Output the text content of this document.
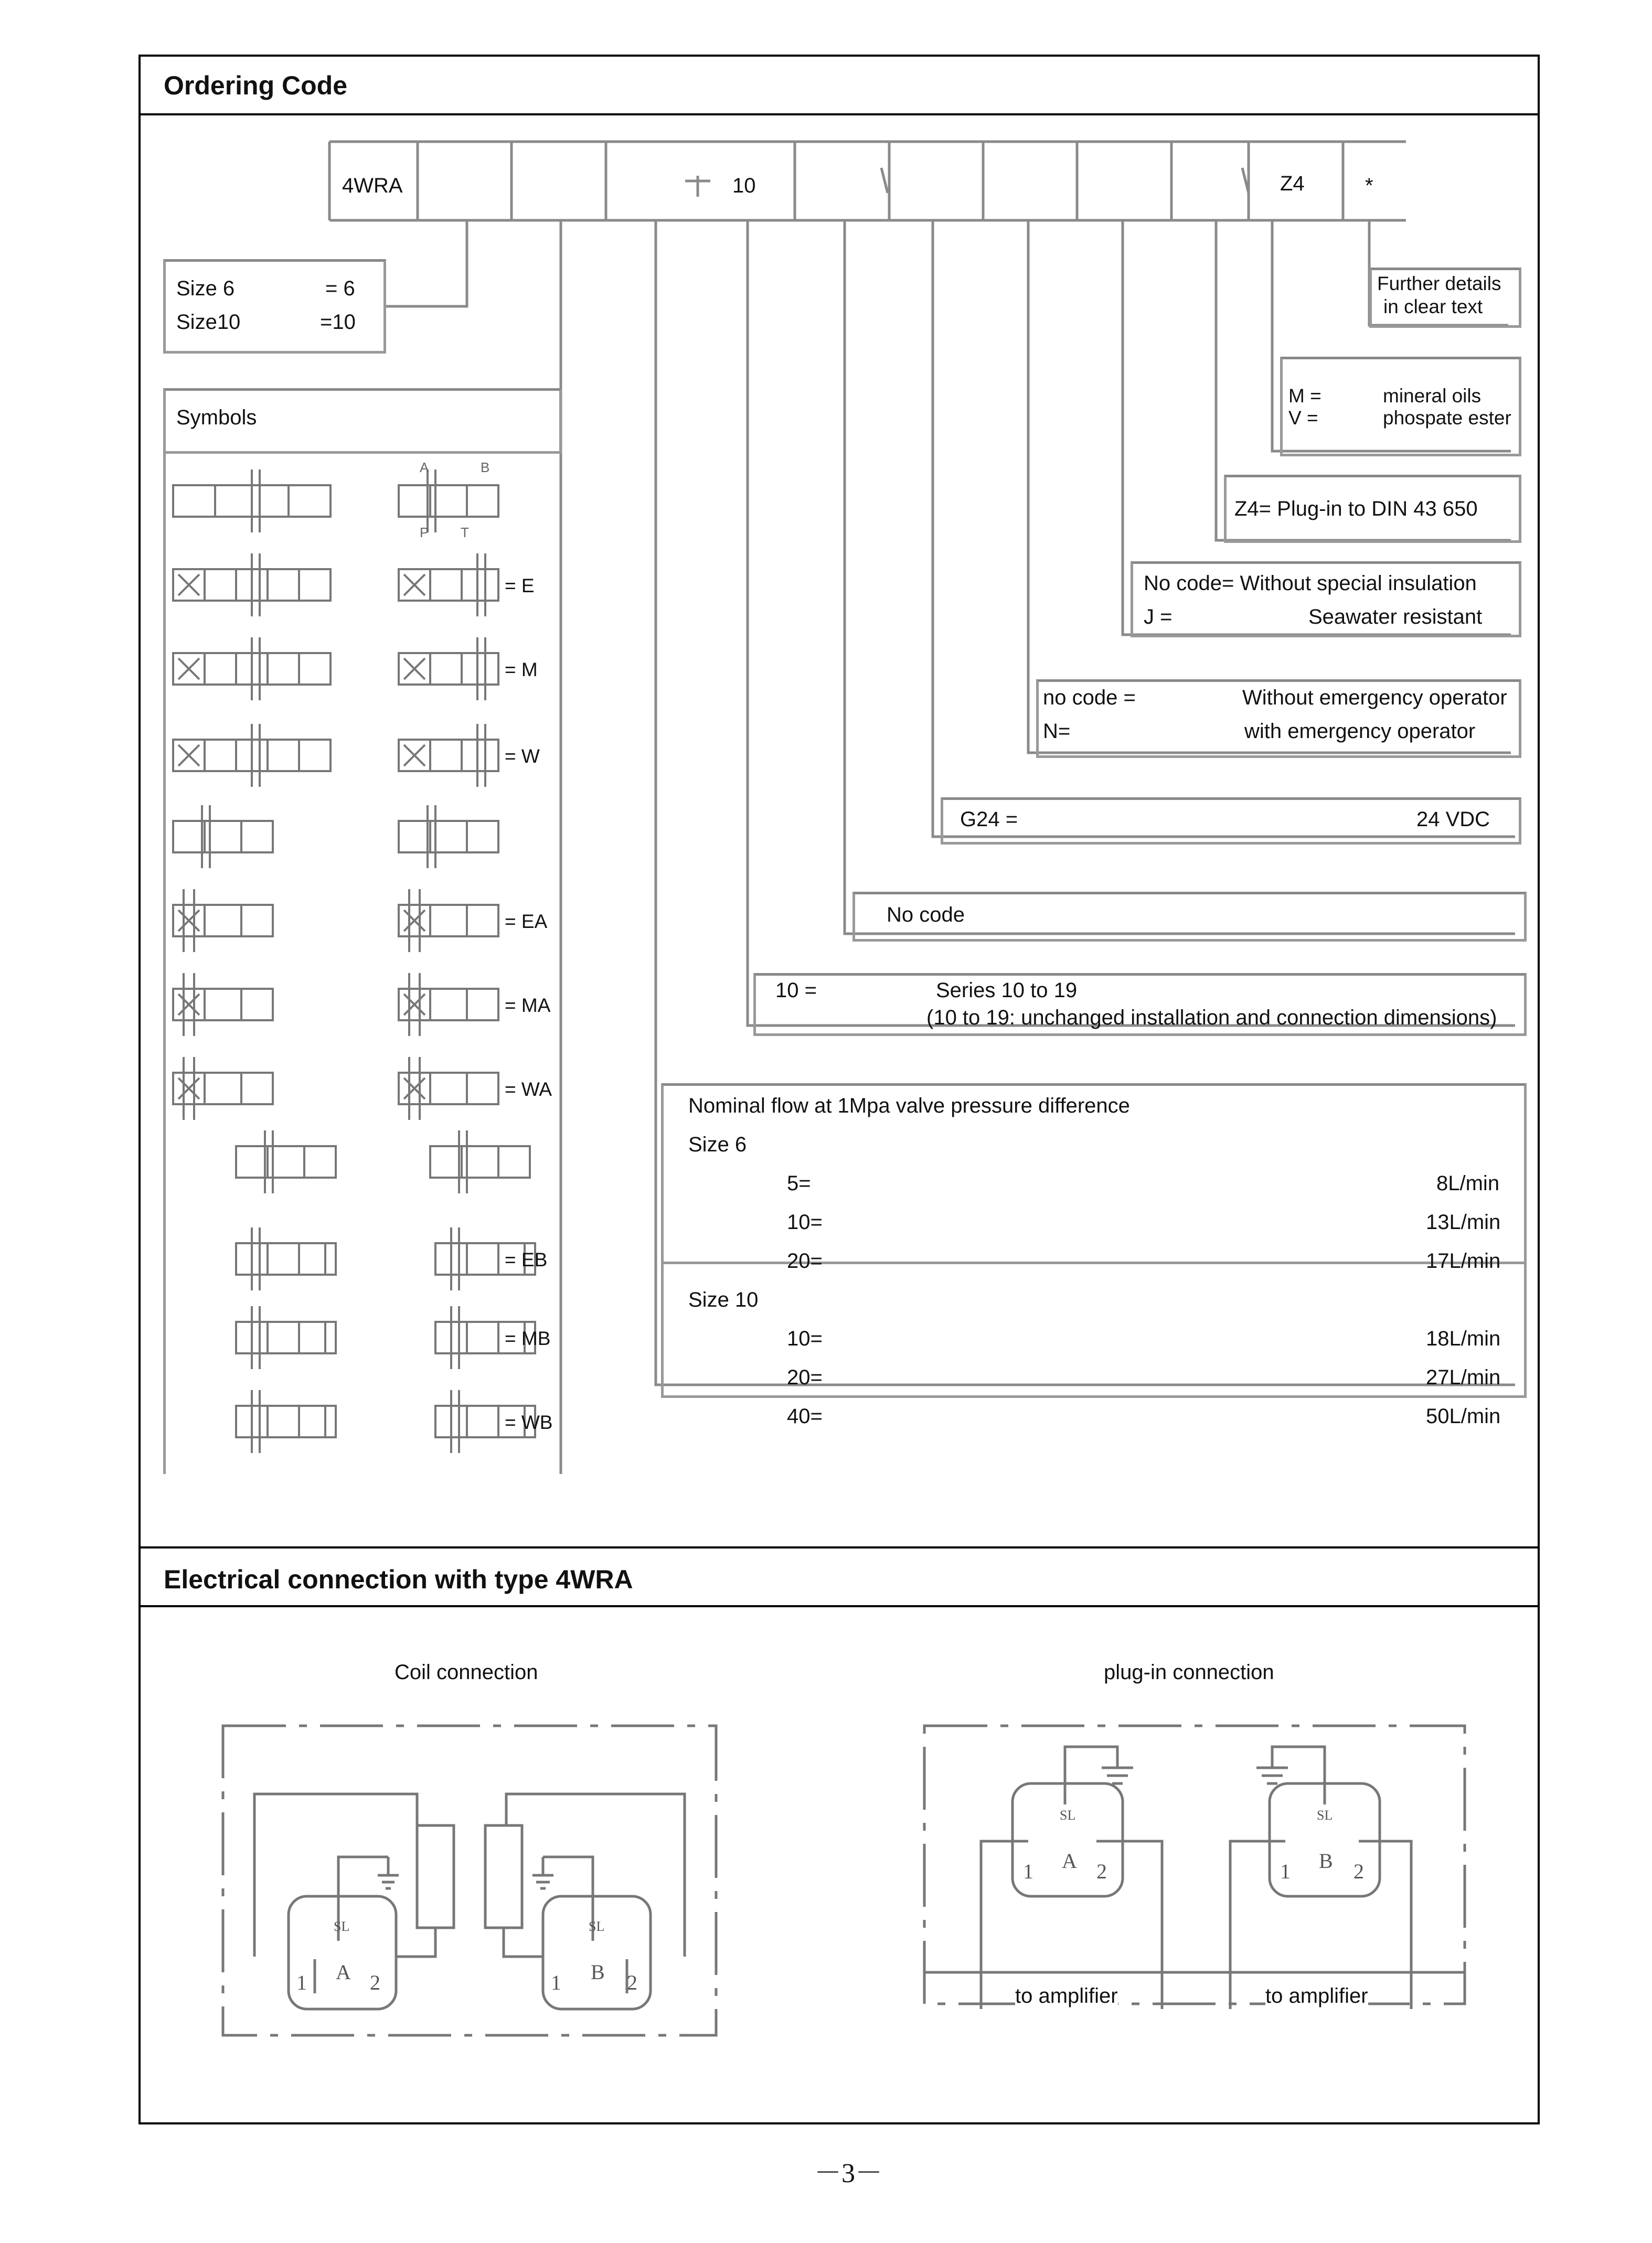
Ordering Code
Electrical connection with type 4WRA
4WRA	10	Z4	*
Size 6	= 6
Size10	=10
Symbols
A	B
P T
= E
= M
= W
= EA
= MA
= WA
= EB
= MB
= WB
Further details
in clear text
M =	mineral oils
V =	phospate ester
Z4= Plug-in to DIN 43 650
No code= Without special insulation
J =	Seawater resistant
no code =	Without emergency operator
N=	with emergency operator
G24 =	24 VDC
No code
10 =	Series 10 to 19
(10 to 19: unchanged installation and connection dimensions)
Nominal flow at 1Mpa valve pressure difference
Size 6
5=	8L/min
10=	13L/min
20=	17L/min
Size 10
10=	18L/min
20=	27L/min
40=	50L/min
Coil connection	plug-in connection
SL
A
1	2
SL
B
1	2
SL
A
1	2
SL
B
1	2
to amplifier	to amplifier
－3－
